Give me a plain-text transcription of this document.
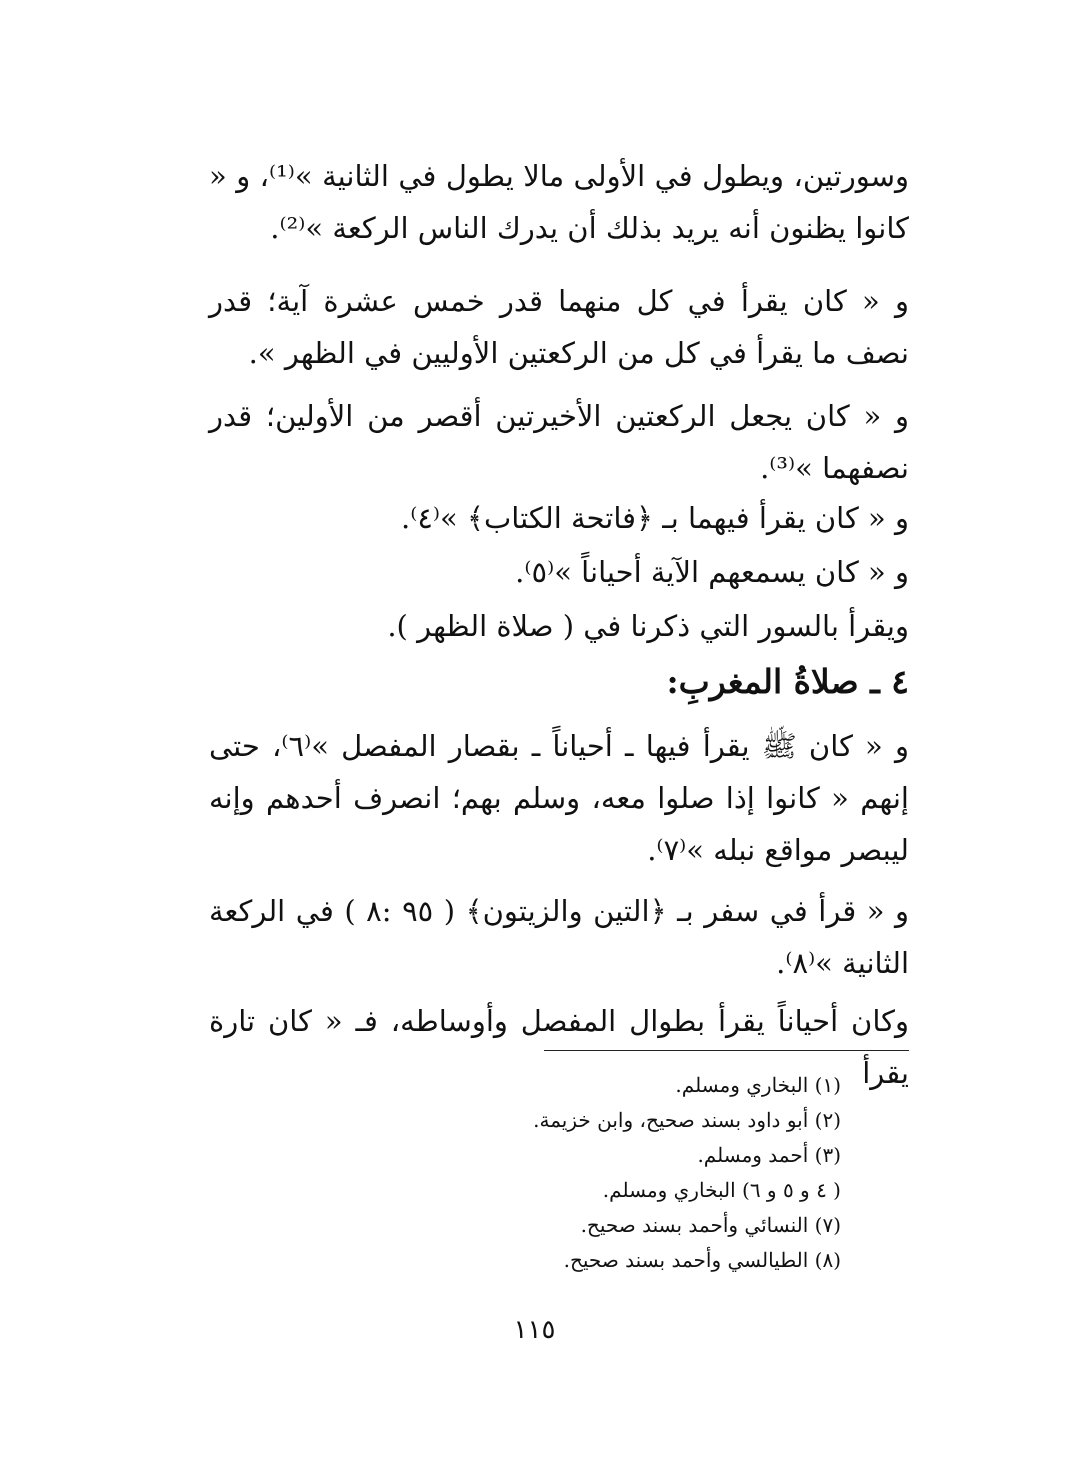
وسورتين، ويطول في الأولى مالا يطول في الثانية »⁽¹⁾، و « كانوا يظنون أنه يريد بذلك أن يدرك الناس الركعة »⁽²⁾.

و « كان يقرأ في كل منهما قدر خمس عشرة آية؛ قدر نصف ما يقرأ في كل من الركعتين الأوليين في الظهر ».

و « كان يجعل الركعتين الأخيرتين أقصر من الأولين؛ قدر نصفهما »⁽³⁾.

و « كان يقرأ فيهما بـ ﴿فاتحة الكتاب﴾ »⁽٤⁾.
و « كان يسمعهم الآية أحياناً »⁽٥⁾.
ويقرأ بالسور التي ذكرنا في ( صلاة الظهر ).
٤ ـ صلاةُ المغربِ:

و « كان ﷺ يقرأ فيها ـ أحياناً ـ بقصار المفصل »⁽٦⁾، حتى إنهم « كانوا إذا صلوا معه، وسلم بهم؛ انصرف أحدهم وإنه ليبصر مواقع نبله »⁽٧⁾.

و « قرأ في سفر بـ ﴿التين والزيتون﴾ ( ٩٥ :٨ ) في الركعة الثانية »⁽٨⁾.

وكان أحياناً يقرأ بطوال المفصل وأوساطه، فـ « كان تارة يقرأ

(١) البخاري ومسلم.
(٢) أبو داود بسند صحيح، وابن خزيمة.
(٣) أحمد ومسلم.
( ٤ و ٥ و ٦) البخاري ومسلم.
(٧) النسائي وأحمد بسند صحيح.
(٨) الطيالسي وأحمد بسند صحيح.
١١٥
